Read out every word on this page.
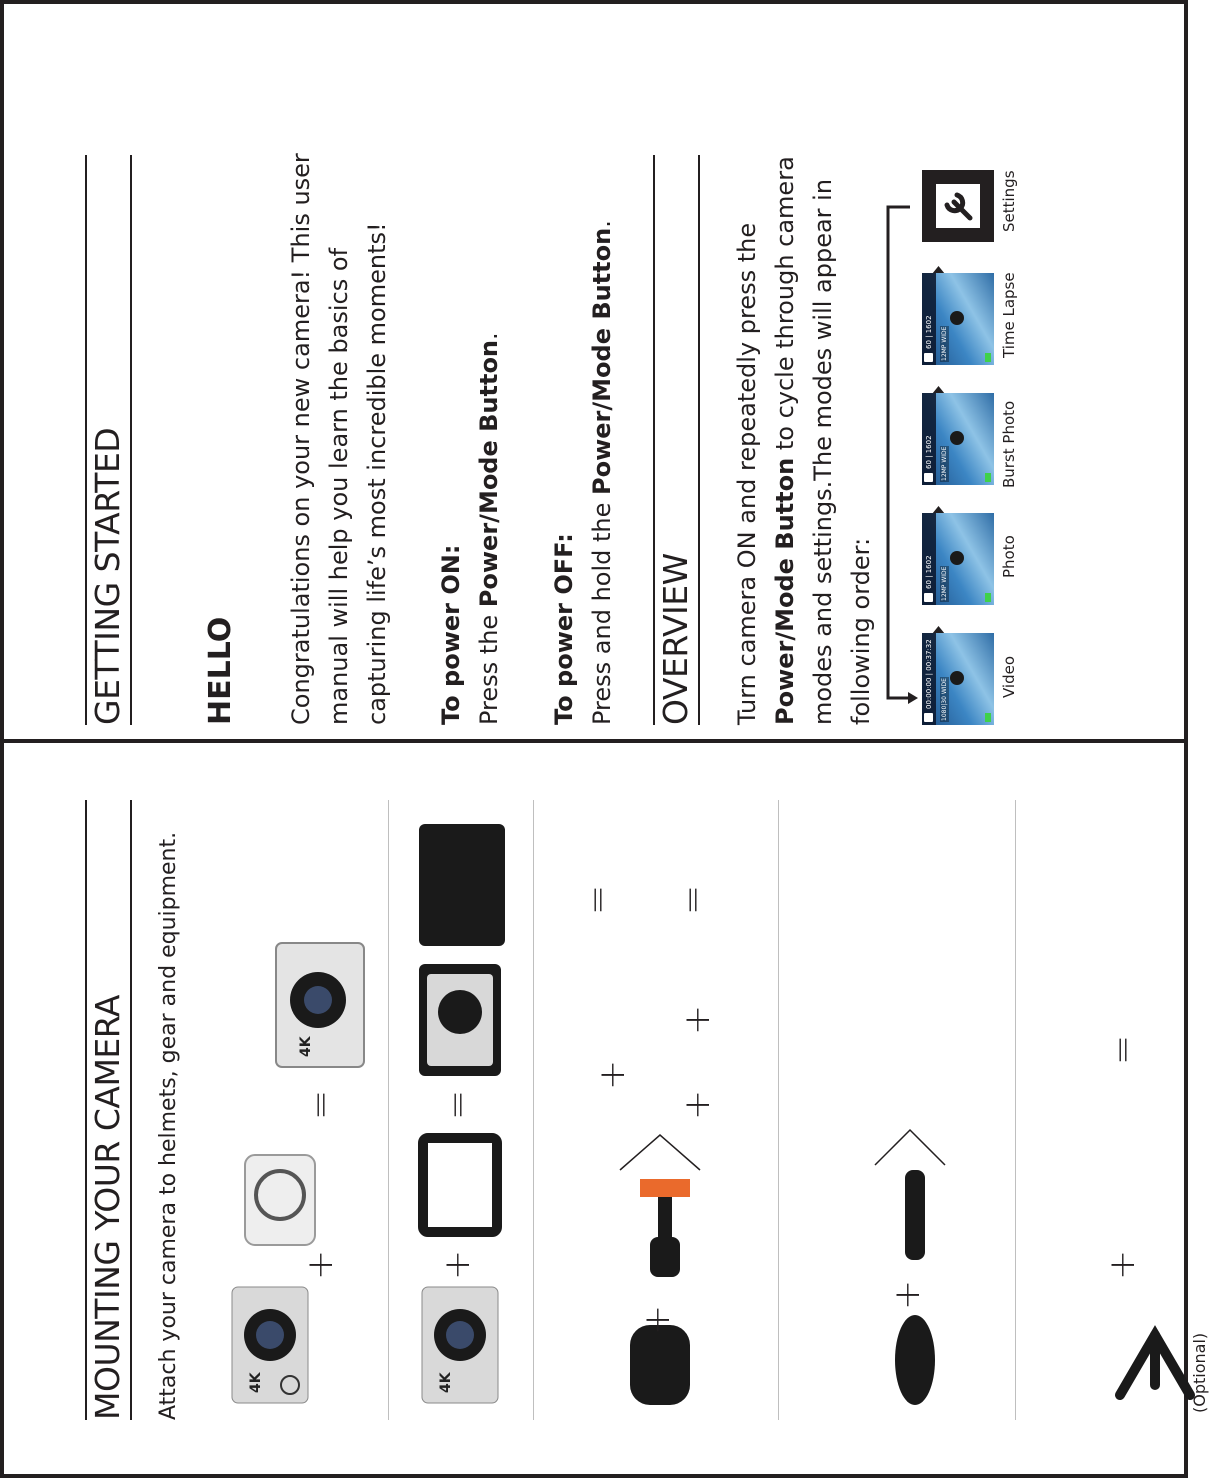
GETTING STARTED	HELLO Congratulations on your new camera! This user manual will help you learn the basics of capturing life’s most incredible moments! To power ON: Press the Power/Mode Button.
To power OFF: Press and hold the Power/Mode Button.
OVERVIEW Turn camera ON and repeatedly press the Power/Mode Button to cycle through camera modes and settings.The modes will appear in following order:	00:00:00 | 00:37:32	1080|30 WIDE
60 | 1602	12MP WIDE
60 | 1602	12MP WIDE
60 | 1602	12MP WIDE
Video
Photo
Burst Photo
Time Lapse
Settings
MOUNTING YOUR CAMERA Attach your camera to helmets, gear and equipment.	4K
+
=
4K
4K
+
=
+
+
+
+
= =
+
(Optional)
+
=
